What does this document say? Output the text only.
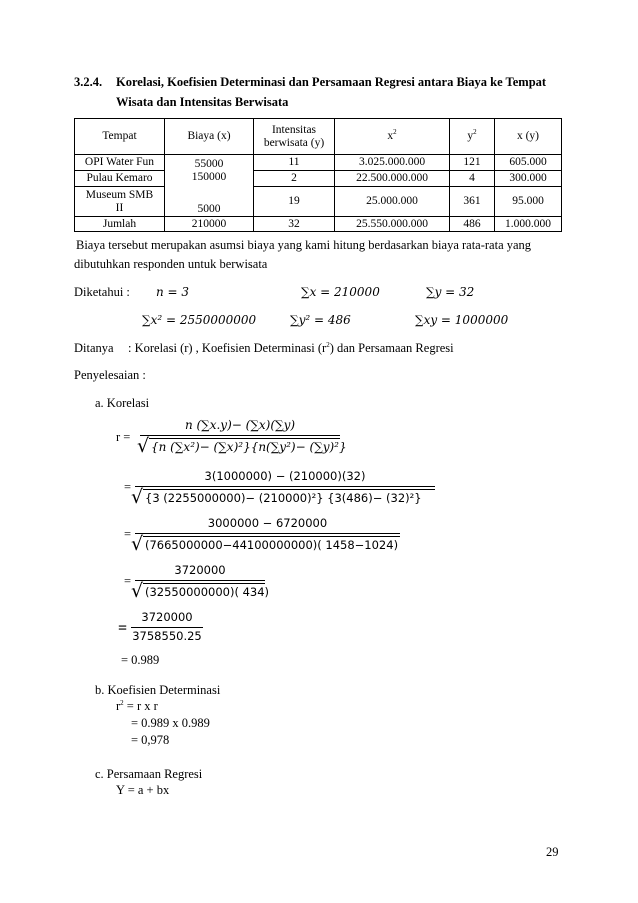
3.2.4. Korelasi, Koefisien Determinasi dan Persamaan Regresi antara Biaya ke Tempat
Wisata dan Intensitas Berwisata
Tempat	Biaya (x)	Intensitas
berwisata (y)	$x^2$	$y^2$	x (y)
OPI Water Fun	55000	11	3.025.000.000	121	605.000
Pulau Kemaro	150000	2	22.500.000.000	4	300.000
Museum SMB
II	5000	19	25.000.000	361	95.000
Jumlah	210000	32	25.550.000.000	486	1.000.000
Biaya tersebut merupakan asumsi biaya yang kami hitung berdasarkan biaya rata-rata yang
dibutuhkan responden untuk berwisata
Diketahui : n = 3	∑x = 210000	∑y = 32
∑x² = 2550000000	∑y² = 486	∑xy = 1000000
Ditanya : Korelasi (r) , Koefisien Determinasi $(r^2)$ dan Persamaan Regresi
Penyelesaian :
a. Korelasi
r =
n (∑x.y)− (∑x)(∑y)
√ {n (∑x²)− (∑x)²}{n(∑y²)− (∑y)²}
=
3(1000000) − (210000)(32)
√ {3 (2255000000)− (210000)²} {3(486)− (32)²}
=
3000000 − 6720000
√ (7665000000−44100000000)( 1458−1024)
=
3720000
√ (32550000000)( 434)
=
3720000
3758550.25
= 0.989
b. Koefisien Determinasi
$r^2 = r$ x r
= 0.989 x 0.989
= 0,978
c. Persamaan Regresi
Y = a + bx
29
